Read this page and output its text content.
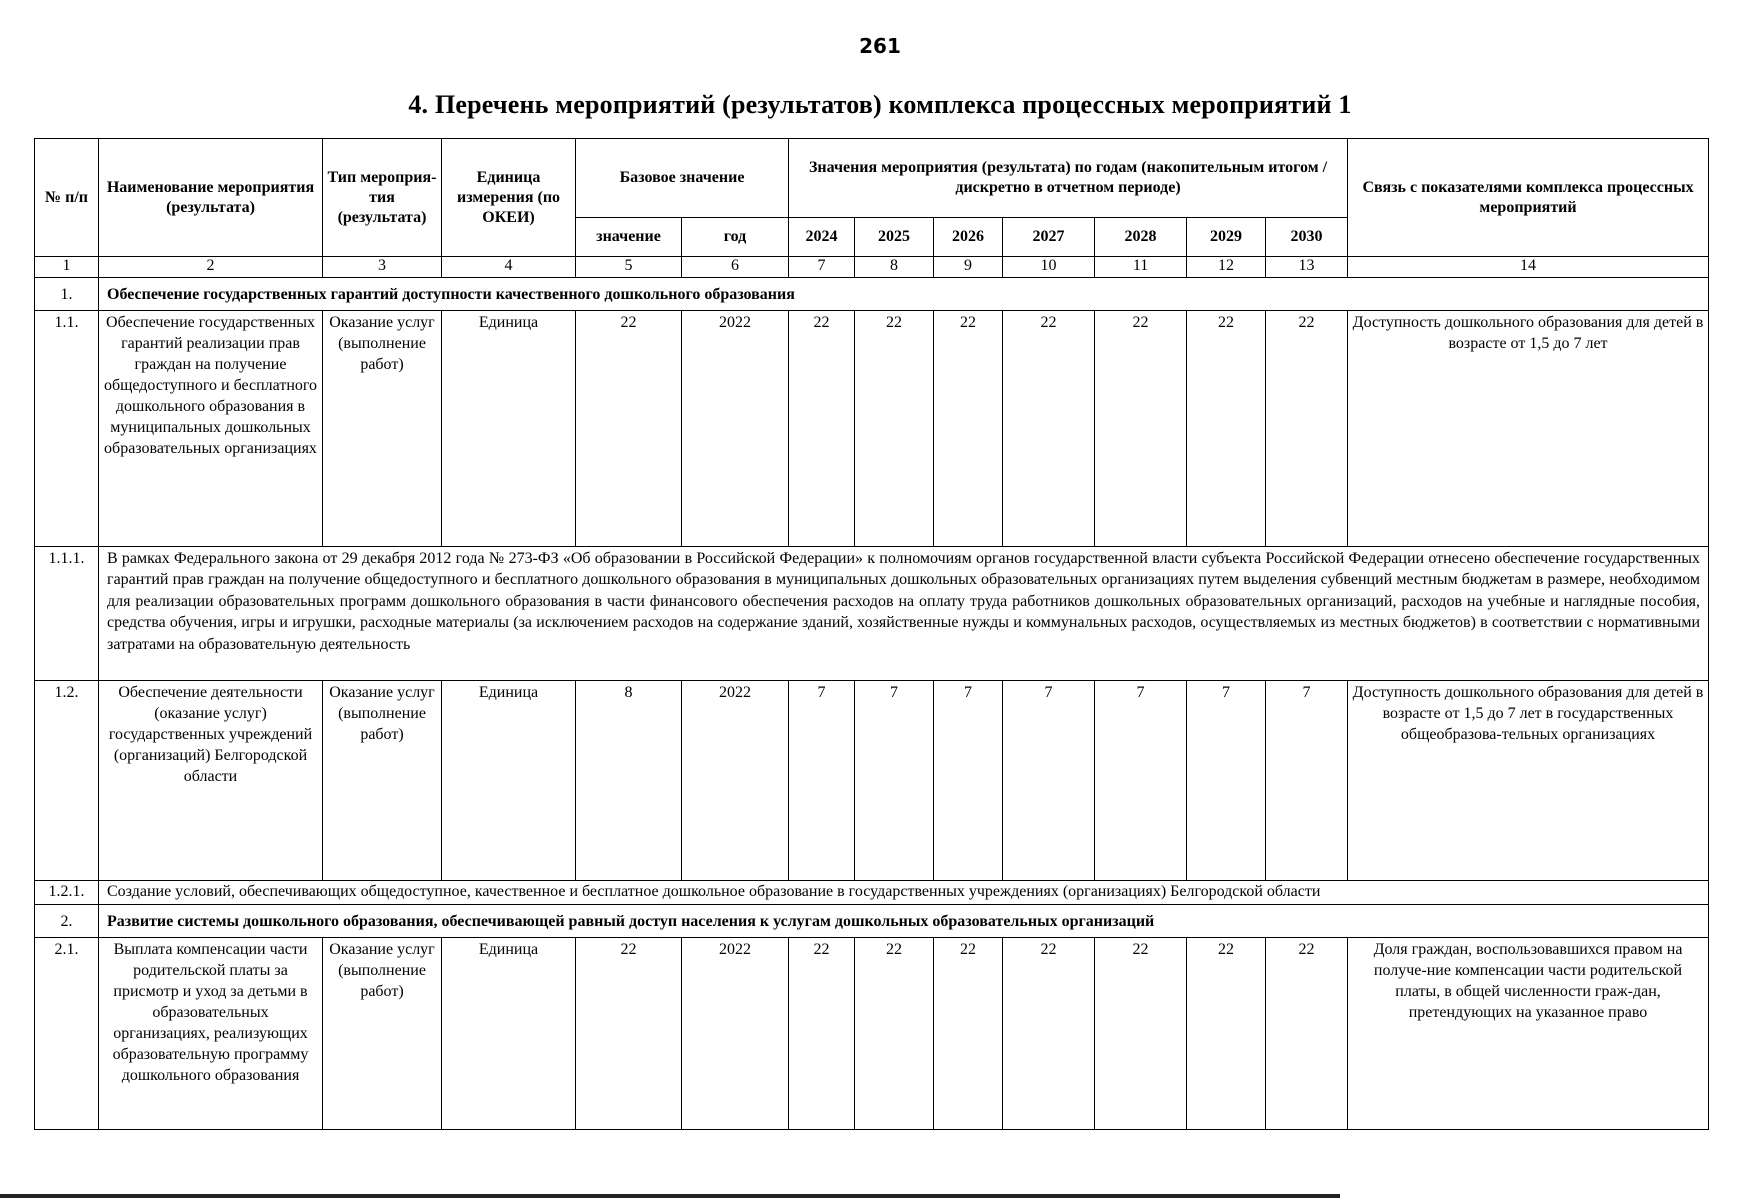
261
4. Перечень мероприятий (результатов) комплекса процессных мероприятий 1
№ п/п	Наименование мероприятия (результата)	Тип мероприя-тия (результата)	Единица измерения (по ОКЕИ)	Базовое значение		Значения мероприятия (результата) по годам (накопительным итогом / дискретно в отчетном периоде)							Связь с показателями комплекса процессных мероприятий
				значение	год	2024	2025	2026	2027	2028	2029	2030	
1	2	3	4	5	6	7	8	9	10	11	12	13	14
1.	Обеспечение государственных гарантий доступности качественного дошкольного образования												
1.1.	Обеспечение государственных гарантий реализации прав граждан на получение общедоступного и бесплатного дошкольного образования в муниципальных дошкольных образовательных организациях	Оказание услуг (выполнение работ)	Единица	22	2022	22	22	22	22	22	22	22	Доступность дошкольного образования для детей в возрасте от 1,5 до 7 лет
1.1.1.	В рамках Федерального закона от 29 декабря 2012 года № 273-ФЗ «Об образовании в Российской Федерации» к полномочиям органов государственной власти субъекта Российской Федерации отнесено обеспечение государственных гарантий прав граждан на получение общедоступного и бесплатного дошкольного образования в муниципальных дошкольных образовательных организациях путем выделения субвенций местным бюджетам в размере, необходимом для реализации образовательных программ дошкольного образования в части финансового обеспечения расходов на оплату труда работников дошкольных образовательных организаций, расходов на учебные и наглядные пособия, средства обучения, игры и игрушки, расходные материалы (за исключением расходов на содержание зданий, хозяйственные нужды и коммунальных расходов, осуществляемых из местных бюджетов) в соответствии с нормативными затратами на образовательную деятельность												
1.2.	Обеспечение деятельности (оказание услуг) государственных учреждений (организаций) Белгородской области	Оказание услуг (выполнение работ)	Единица	8	2022	7	7	7	7	7	7	7	Доступность дошкольного образования для детей в возрасте от 1,5 до 7 лет в государственных общеобразова-тельных организациях
1.2.1.	Создание условий, обеспечивающих общедоступное, качественное и бесплатное дошкольное образование в государственных учреждениях (организациях) Белгородской области												
2.	Развитие системы дошкольного образования, обеспечивающей равный доступ населения к услугам дошкольных образовательных организаций												
2.1.	Выплата компенсации части родительской платы за присмотр и уход за детьми в образовательных организациях, реализующих образовательную программу дошкольного образования	Оказание услуг (выполнение работ)	Единица	22	2022	22	22	22	22	22	22	22	Доля граждан, воспользовавшихся правом на получе-ние компенсации части родительской платы, в общей численности граж-дан, претендующих на указанное право
